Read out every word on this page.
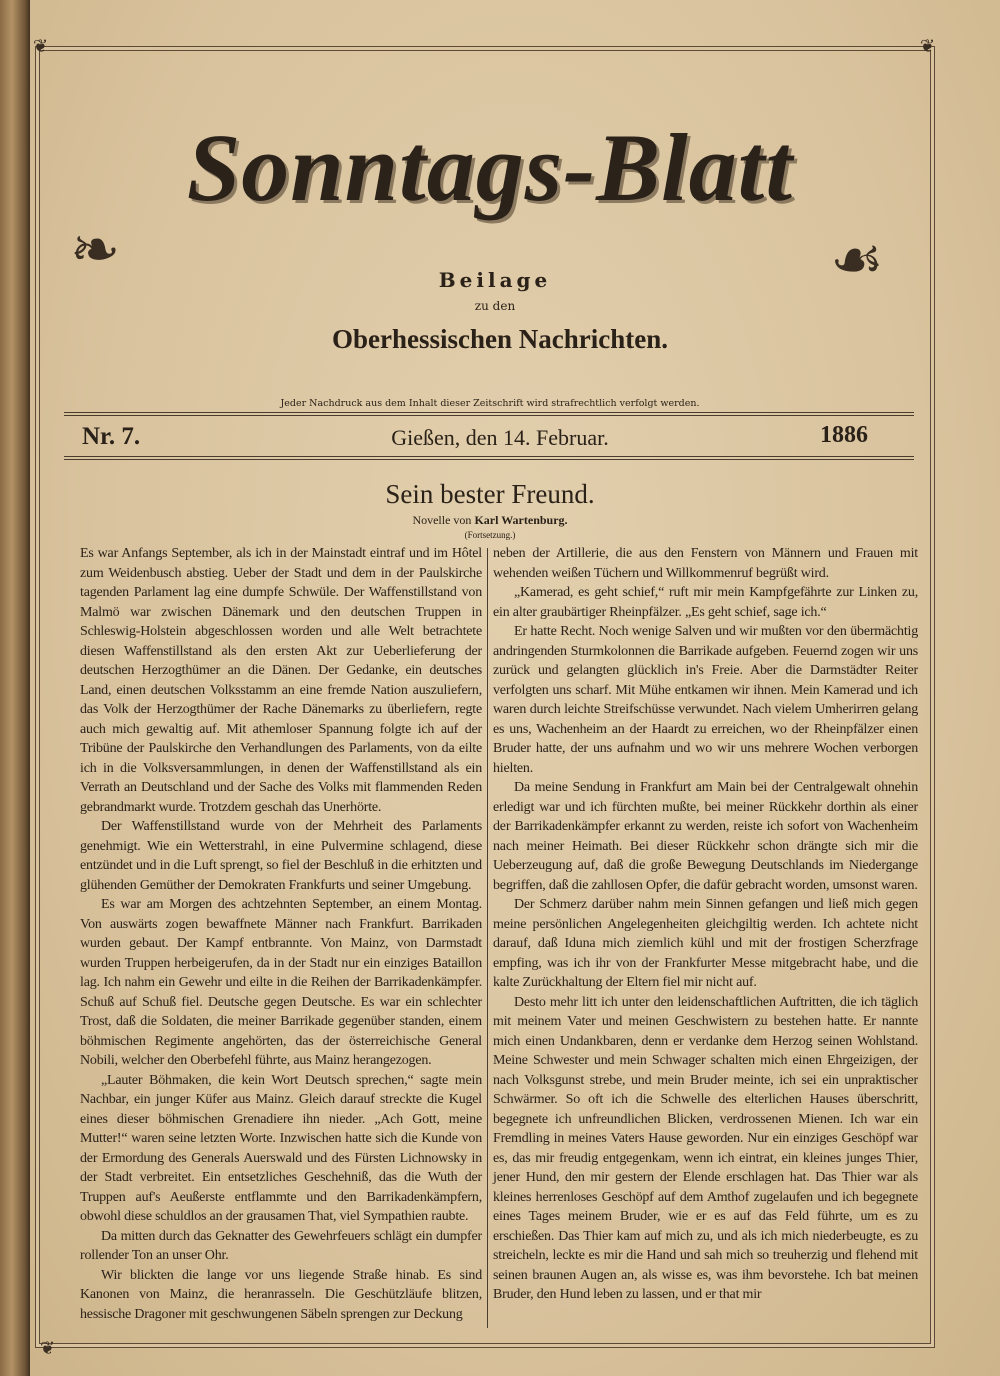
❦	❦
❦
❧	☙
Sonntags-Blatt
Beilage
zu den
Oberhessischen Nachrichten.
Jeder Nachdruck aus dem Inhalt dieser Zeitschrift wird strafrechtlich verfolgt werden.
Nr. 7.	Gießen, den 14. Februar.	1886
Sein bester Freund.
Novelle von Karl Wartenburg.
(Fortsetzung.)

Es war Anfangs September, als ich in der Mainstadt eintraf und im Hôtel zum Weidenbusch abstieg. Ueber der Stadt und dem in der Paulskirche tagenden Parlament lag eine dumpfe Schwüle. Der Waffenstillstand von Malmö war zwischen Dänemark und den deutschen Truppen in Schleswig-Holstein abgeschlossen worden und alle Welt betrachtete diesen Waffenstillstand als den ersten Akt zur Ueberlieferung der deutschen Herzogthümer an die Dänen. Der Gedanke, ein deutsches Land, einen deutschen Volksstamm an eine fremde Nation auszuliefern, das Volk der Herzogthümer der Rache Dänemarks zu überliefern, regte auch mich gewaltig auf. Mit athemloser Spannung folgte ich auf der Tribüne der Paulskirche den Verhandlungen des Parlaments, von da eilte ich in die Volksversammlungen, in denen der Waffenstillstand als ein Verrath an Deutschland und der Sache des Volks mit flammenden Reden gebrandmarkt wurde. Trotzdem geschah das Unerhörte.

Der Waffenstillstand wurde von der Mehrheit des Parlaments genehmigt. Wie ein Wetterstrahl, in eine Pulvermine schlagend, diese entzündet und in die Luft sprengt, so fiel der Beschluß in die erhitzten und glühenden Gemüther der Demokraten Frankfurts und seiner Umgebung.

Es war am Morgen des achtzehnten September, an einem Montag. Von auswärts zogen bewaffnete Männer nach Frankfurt. Barrikaden wurden gebaut. Der Kampf entbrannte. Von Mainz, von Darmstadt wurden Truppen herbeigerufen, da in der Stadt nur ein einziges Bataillon lag. Ich nahm ein Gewehr und eilte in die Reihen der Barrikadenkämpfer. Schuß auf Schuß fiel. Deutsche gegen Deutsche. Es war ein schlechter Trost, daß die Soldaten, die meiner Barrikade gegenüber standen, einem böhmischen Regimente angehörten, das der österreichische General Nobili, welcher den Oberbefehl führte, aus Mainz herangezogen.

„Lauter Böhmaken, die kein Wort Deutsch sprechen,“ sagte mein Nachbar, ein junger Küfer aus Mainz. Gleich darauf streckte die Kugel eines dieser böhmischen Grenadiere ihn nieder. „Ach Gott, meine Mutter!“ waren seine letzten Worte. Inzwischen hatte sich die Kunde von der Ermordung des Generals Auerswald und des Fürsten Lichnowsky in der Stadt verbreitet. Ein entsetzliches Geschehniß, das die Wuth der Truppen auf's Aeußerste entflammte und den Barrikadenkämpfern, obwohl diese schuldlos an der grausamen That, viel Sympathien raubte.

Da mitten durch das Geknatter des Gewehrfeuers schlägt ein dumpfer rollender Ton an unser Ohr.

Wir blickten die lange vor uns liegende Straße hinab. Es sind Kanonen von Mainz, die heranrasseln. Die Geschützläufe blitzen, hessische Dragoner mit geschwungenen Säbeln sprengen zur Deckung

neben der Artillerie, die aus den Fenstern von Männern und Frauen mit wehenden weißen Tüchern und Willkommenruf begrüßt wird.

„Kamerad, es geht schief,“ ruft mir mein Kampfgefährte zur Linken zu, ein alter graubärtiger Rheinpfälzer. „Es geht schief, sage ich.“

Er hatte Recht. Noch wenige Salven und wir mußten vor den übermächtig andringenden Sturmkolonnen die Barrikade aufgeben. Feuernd zogen wir uns zurück und gelangten glücklich in's Freie. Aber die Darmstädter Reiter verfolgten uns scharf. Mit Mühe entkamen wir ihnen. Mein Kamerad und ich waren durch leichte Streifschüsse verwundet. Nach vielem Umherirren gelang es uns, Wachenheim an der Haardt zu erreichen, wo der Rheinpfälzer einen Bruder hatte, der uns aufnahm und wo wir uns mehrere Wochen verborgen hielten.

Da meine Sendung in Frankfurt am Main bei der Centralgewalt ohnehin erledigt war und ich fürchten mußte, bei meiner Rückkehr dorthin als einer der Barrikadenkämpfer erkannt zu werden, reiste ich sofort von Wachenheim nach meiner Heimath. Bei dieser Rückkehr schon drängte sich mir die Ueberzeugung auf, daß die große Bewegung Deutschlands im Niedergange begriffen, daß die zahllosen Opfer, die dafür gebracht worden, umsonst waren.

Der Schmerz darüber nahm mein Sinnen gefangen und ließ mich gegen meine persönlichen Angelegenheiten gleichgiltig werden. Ich achtete nicht darauf, daß Iduna mich ziemlich kühl und mit der frostigen Scherzfrage empfing, was ich ihr von der Frankfurter Messe mitgebracht habe, und die kalte Zurückhaltung der Eltern fiel mir nicht auf.

Desto mehr litt ich unter den leidenschaftlichen Auftritten, die ich täglich mit meinem Vater und meinen Geschwistern zu bestehen hatte. Er nannte mich einen Undankbaren, denn er verdanke dem Herzog seinen Wohlstand. Meine Schwester und mein Schwager schalten mich einen Ehrgeizigen, der nach Volksgunst strebe, und mein Bruder meinte, ich sei ein unpraktischer Schwärmer. So oft ich die Schwelle des elterlichen Hauses überschritt, begegnete ich unfreundlichen Blicken, verdrossenen Mienen. Ich war ein Fremdling in meines Vaters Hause geworden. Nur ein einziges Geschöpf war es, das mir freudig entgegenkam, wenn ich eintrat, ein kleines junges Thier, jener Hund, den mir gestern der Elende erschlagen hat. Das Thier war als kleines herrenloses Geschöpf auf dem Amthof zugelaufen und ich begegnete eines Tages meinem Bruder, wie er es auf das Feld führte, um es zu erschießen. Das Thier kam auf mich zu, und als ich mich niederbeugte, es zu streicheln, leckte es mir die Hand und sah mich so treuherzig und flehend mit seinen braunen Augen an, als wisse es, was ihm bevorstehe. Ich bat meinen Bruder, den Hund leben zu lassen, und er that mir
